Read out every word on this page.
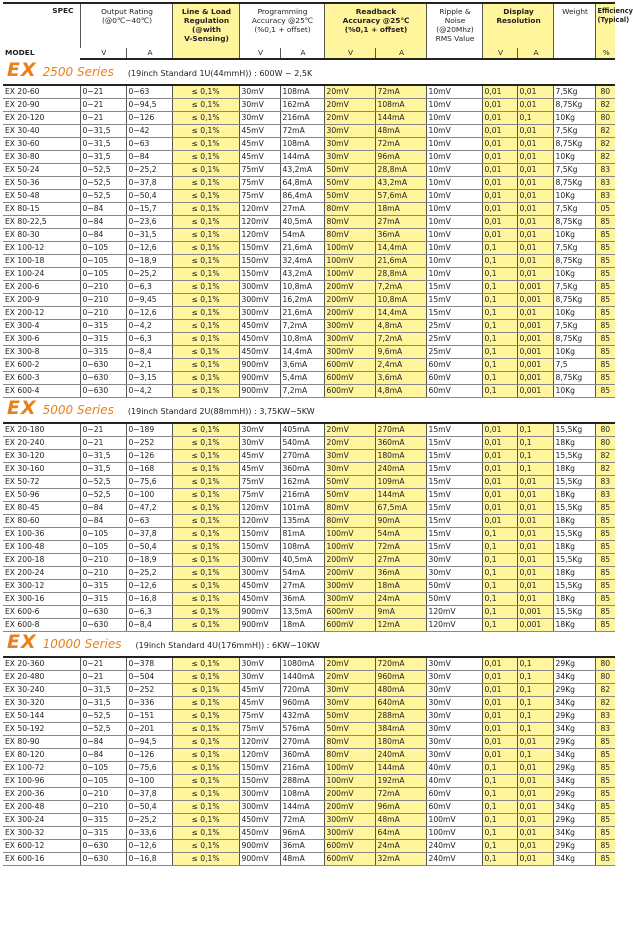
SPEC
MODEL	Output Rating
(@0℃~40℃)		Line & Load
Regulation
(@with
V-Sensing)	Programming
Accuracy @25℃
(%0,1 + offset)		Readback
Accuracy @25℃
(%0,1 + offset)		Ripple &
Noise
(@20Mhz)
RMS Value	Display
Resolution		Weight	Efficiency
(Typical)
	V	A		V	A	V	A		V	A		%
EX 2500 Series (19inch Standard 1U(44mmH)) : 600W ~ 2,5K												
EX 20-60	0~21	0~63	≤ 0,1%	30mV	108mA	20mV	72mA	10mV	0,01	0,01	7,5Kg	80
EX 20-90	0~21	0~94,5	≤ 0,1%	30mV	162mA	20mV	108mA	10mV	0,01	0,01	8,75Kg	82
EX 20-120	0~21	0~126	≤ 0,1%	30mV	216mA	20mV	144mA	10mV	0,01	0,1	10Kg	80
EX 30-40	0~31,5	0~42	≤ 0,1%	45mV	72mA	30mV	48mA	10mV	0,01	0,01	7,5Kg	82
EX 30-60	0~31,5	0~63	≤ 0,1%	45mV	108mA	30mV	72mA	10mV	0,01	0,01	8,75Kg	82
EX 30-80	0~31,5	0~84	≤ 0,1%	45mV	144mA	30mV	96mA	10mV	0,01	0,01	10Kg	82
EX 50-24	0~52,5	0~25,2	≤ 0,1%	75mV	43,2mA	50mV	28,8mA	10mV	0,01	0,01	7,5Kg	83
EX 50-36	0~52,5	0~37,8	≤ 0,1%	75mV	64,8mA	50mV	43,2mA	10mV	0,01	0,01	8,75Kg	83
EX 50-48	0~52,5	0~50,4	≤ 0,1%	75mV	86,4mA	50mV	57,6mA	10mV	0,01	0,01	10Kg	83
EX 80-15	0~84	0~15,7	≤ 0,1%	120mV	27mA	80mV	18mA	10mV	0,01	0,01	7,5Kg	05
EX 80-22,5	0~84	0~23,6	≤ 0,1%	120mV	40,5mA	80mV	27mA	10mV	0,01	0,01	8,75Kg	85
EX 80-30	0~84	0~31,5	≤ 0,1%	120mV	54mA	80mV	36mA	10mV	0,01	0,01	10Kg	85
EX 100-12	0~105	0~12,6	≤ 0,1%	150mV	21,6mA	100mV	14,4mA	10mV	0,1	0,01	7,5Kg	85
EX 100-18	0~105	0~18,9	≤ 0,1%	150mV	32,4mA	100mV	21,6mA	10mV	0,1	0,01	8,75Kg	85
EX 100-24	0~105	0~25,2	≤ 0,1%	150mV	43,2mA	100mV	28,8mA	10mV	0,1	0,01	10Kg	85
EX 200-6	0~210	0~6,3	≤ 0,1%	300mV	10,8mA	200mV	7,2mA	15mV	0,1	0,001	7,5Kg	85
EX 200-9	0~210	0~9,45	≤ 0,1%	300mV	16,2mA	200mV	10,8mA	15mV	0,1	0,001	8,75Kg	85
EX 200-12	0~210	0~12,6	≤ 0,1%	300mV	21,6mA	200mV	14,4mA	15mV	0,1	0,01	10Kg	85
EX 300-4	0~315	0~4,2	≤ 0,1%	450mV	7,2mA	300mV	4,8mA	25mV	0,1	0,001	7,5Kg	85
EX 300-6	0~315	0~6,3	≤ 0,1%	450mV	10,8mA	300mV	7,2mA	25mV	0,1	0,001	8,75Kg	85
EX 300-8	0~315	0~8,4	≤ 0,1%	450mV	14,4mA	300mV	9,6mA	25mV	0,1	0,001	10Kg	85
EX 600-2	0~630	0~2,1	≤ 0,1%	900mV	3,6mA	600mV	2,4mA	60mV	0,1	0,001	7,5	85
EX 600-3	0~630	0~3,15	≤ 0,1%	900mV	5,4mA	600mV	3,6mA	60mV	0,1	0,001	8,75Kg	85
EX 600-4	0~630	0~4,2	≤ 0,1%	900mV	7,2mA	600mV	4,8mA	60mV	0,1	0,001	10Kg	85
EX 5000 Series (19inch Standard 2U(88mmH)) : 3,75KW~5KW												
EX 20-180	0~21	0~189	≤ 0,1%	30mV	405mA	20mV	270mA	15mV	0,01	0,1	15,5Kg	80
EX 20-240	0~21	0~252	≤ 0,1%	30mV	540mA	20mV	360mA	15mV	0,01	0,1	18Kg	80
EX 30-120	0~31,5	0~126	≤ 0,1%	45mV	270mA	30mV	180mA	15mV	0,01	0,1	15,5Kg	82
EX 30-160	0~31,5	0~168	≤ 0,1%	45mV	360mA	30mV	240mA	15mV	0,01	0,1	18Kg	82
EX 50-72	0~52,5	0~75,6	≤ 0,1%	75mV	162mA	50mV	109mA	15mV	0,01	0,01	15,5Kg	83
EX 50-96	0~52,5	0~100	≤ 0,1%	75mV	216mA	50mV	144mA	15mV	0,01	0,01	18Kg	83
EX 80-45	0~84	0~47,2	≤ 0,1%	120mV	101mA	80mV	67,5mA	15mV	0,01	0,01	15,5Kg	85
EX 80-60	0~84	0~63	≤ 0,1%	120mV	135mA	80mV	90mA	15mV	0,01	0,01	18Kg	85
EX 100-36	0~105	0~37,8	≤ 0,1%	150mV	81mA	100mV	54mA	15mV	0,1	0,01	15,5Kg	85
EX 100-48	0~105	0~50,4	≤ 0,1%	150mV	108mA	100mV	72mA	15mV	0,1	0,01	18Kg	85
EX 200-18	0~210	0~18,9	≤ 0,1%	300mV	40,5mA	200mV	27mA	30mV	0,1	0,01	15,5Kg	85
EX 200-24	0~210	0~25,2	≤ 0,1%	300mV	54mA	200mV	36mA	30mV	0,1	0,01	18Kg	85
EX 300-12	0~315	0~12,6	≤ 0,1%	450mV	27mA	300mV	18mA	50mV	0,1	0,01	15,5Kg	85
EX 300-16	0~315	0~16,8	≤ 0,1%	450mV	36mA	300mV	24mA	50mV	0,1	0,01	18Kg	85
EX 600-6	0~630	0~6,3	≤ 0,1%	900mV	13,5mA	600mV	9mA	120mV	0,1	0,001	15,5Kg	85
EX 600-8	0~630	0~8,4	≤ 0,1%	900mV	18mA	600mV	12mA	120mV	0,1	0,001	18Kg	85
EX 10000 Series (19inch Standard 4U(176mmH)) : 6KW~10KW												
EX 20-360	0~21	0~378	≤ 0,1%	30mV	1080mA	20mV	720mA	30mV	0,01	0,1	29Kg	80
EX 20-480	0~21	0~504	≤ 0,1%	30mV	1440mA	20mV	960mA	30mV	0,01	0,1	34Kg	80
EX 30-240	0~31,5	0~252	≤ 0,1%	45mV	720mA	30mV	480mA	30mV	0,01	0,1	29Kg	82
EX 30-320	0~31,5	0~336	≤ 0,1%	45mV	960mA	30mV	640mA	30mV	0,01	0,1	34Kg	82
EX 50-144	0~52,5	0~151	≤ 0,1%	75mV	432mA	50mV	288mA	30mV	0,01	0,1	29Kg	83
EX 50-192	0~52,5	0~201	≤ 0,1%	75mV	576mA	50mV	384mA	30mV	0,01	0,1	34Kg	83
EX 80-90	0~84	0~94,5	≤ 0,1%	120mV	270mA	80mV	180mA	30mV	0,01	0,01	29Kg	85
EX 80-120	0~84	0~126	≤ 0,1%	120mV	360mA	80mV	240mA	30mV	0,01	0,1	34Kg	85
EX 100-72	0~105	0~75,6	≤ 0,1%	150mV	216mA	100mV	144mA	40mV	0,1	0,01	29Kg	85
EX 100-96	0~105	0~100	≤ 0,1%	150mV	288mA	100mV	192mA	40mV	0,1	0,01	34Kg	85
EX 200-36	0~210	0~37,8	≤ 0,1%	300mV	108mA	200mV	72mA	60mV	0,1	0,01	29Kg	85
EX 200-48	0~210	0~50,4	≤ 0,1%	300mV	144mA	200mV	96mA	60mV	0,1	0,01	34Kg	85
EX 300-24	0~315	0~25,2	≤ 0,1%	450mV	72mA	300mV	48mA	100mV	0,1	0,01	29Kg	85
EX 300-32	0~315	0~33,6	≤ 0,1%	450mV	96mA	300mV	64mA	100mV	0,1	0,01	34Kg	85
EX 600-12	0~630	0~12,6	≤ 0,1%	900mV	36mA	600mV	24mA	240mV	0,1	0,01	29Kg	85
EX 600-16	0~630	0~16,8	≤ 0,1%	900mV	48mA	600mV	32mA	240mV	0,1	0,01	34Kg	85
